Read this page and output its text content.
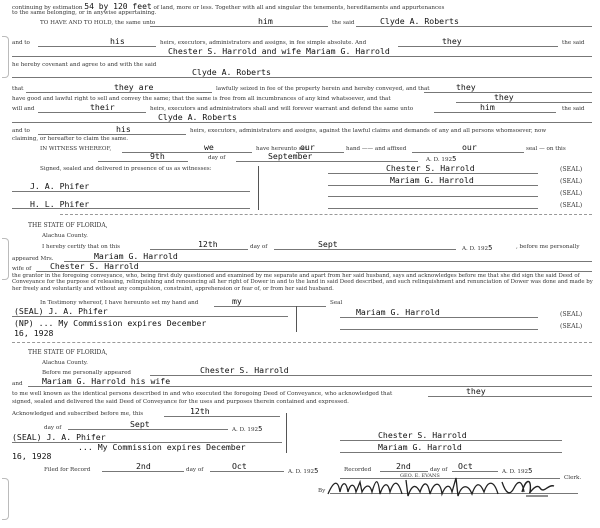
continuing by estimation 54 by 120 feet of land, more or less. Together with all and singular the tenements, hereditaments and appurtenances
to the same belonging, or in anywise appertaining.
TO HAVE AND TO HOLD, the same unto	him	the said	Clyde A. Roberts
and to	his	heirs, executors, administrators and assigns, in fee simple absolute. And	they	the said
Chester S. Harrold and wife Mariam G. Harrold
he hereby covenant and agree to and with the said
Clyde A. Roberts
that	they are	lawfully seized in fee of the property herein and hereby conveyed, and that	they
have good and lawful right to sell and convey the same; that the same is free from all incumbrances of any kind whatsoever, and that	they
will and	their	heirs, executors and administrators shall and will forever warrant and defend the same unto	him	the said
Clyde A. Roberts
and to	his	heirs, executors, administrators and assigns, against the lawful claims and demands of any and all persons whomsoever, now
claiming, or hereafter to claim the same.
IN WITNESS WHEREOF,	we	have hereunto set
our	hand —— and affixed	our	seal — on this
9th	day of	September	A. D. 1925
Signed, sealed and delivered in presence of us as witnesses:
J. A. Phifer
H. L. Phifer
Chester S. Harrold	(SEAL)
Mariam G. Harrold	(SEAL)
(SEAL)
(SEAL)
THE STATE OF FLORIDA,
Alachua County.
I hereby certify that on this	12th	day of	Sept	A. D. 1925	, before me personally
appeared Mrs.	Mariam G. Harrold
wife of Chester S. Harrold
the grantor in the foregoing conveyance, who, being first duly questioned and examined by me separate and apart from her said husband, says and acknowledges before me that she did sign the said Deed of Conveyance for the purpose of releasing, relinquishing and renouncing all her right of Dower in and to the land in said Deed described, and such relinquishment and renunciation of Dower was done and made by her freely and voluntarily and without any compulsion, constraint, apprehension or fear of, or from her said husband.
In Testimony whereof, I have hereunto set my hand and	my	Seal
(SEAL) J. A. Phifer
(NP) ... My Commission expires December
16, 1928
Mariam G. Harrold	(SEAL)
(SEAL)
THE STATE OF FLORIDA,
Alachua County.
Before me personally appeared	Chester S. Harrold
and Mariam G. Harrold his wife
to me well known as the identical persons described in and who executed the foregoing Deed of Conveyance, who acknowledged that	they
signed, sealed and delivered the said Deed of Conveyance for the uses and purposes therein contained and expressed.
Acknowledged and subscribed before me, this	12th
day of	Sept
A. D. 1925
(SEAL) J. A. Phifer
... My Commission expires December
16, 1928
Chester S. Harrold
Mariam G. Harrold
Filed for Record	2nd	day of	Oct
A. D. 1925	Recorded	2nd	day of Oct
A. D. 1925
GEO. E. EVANS	Clerk.
By
